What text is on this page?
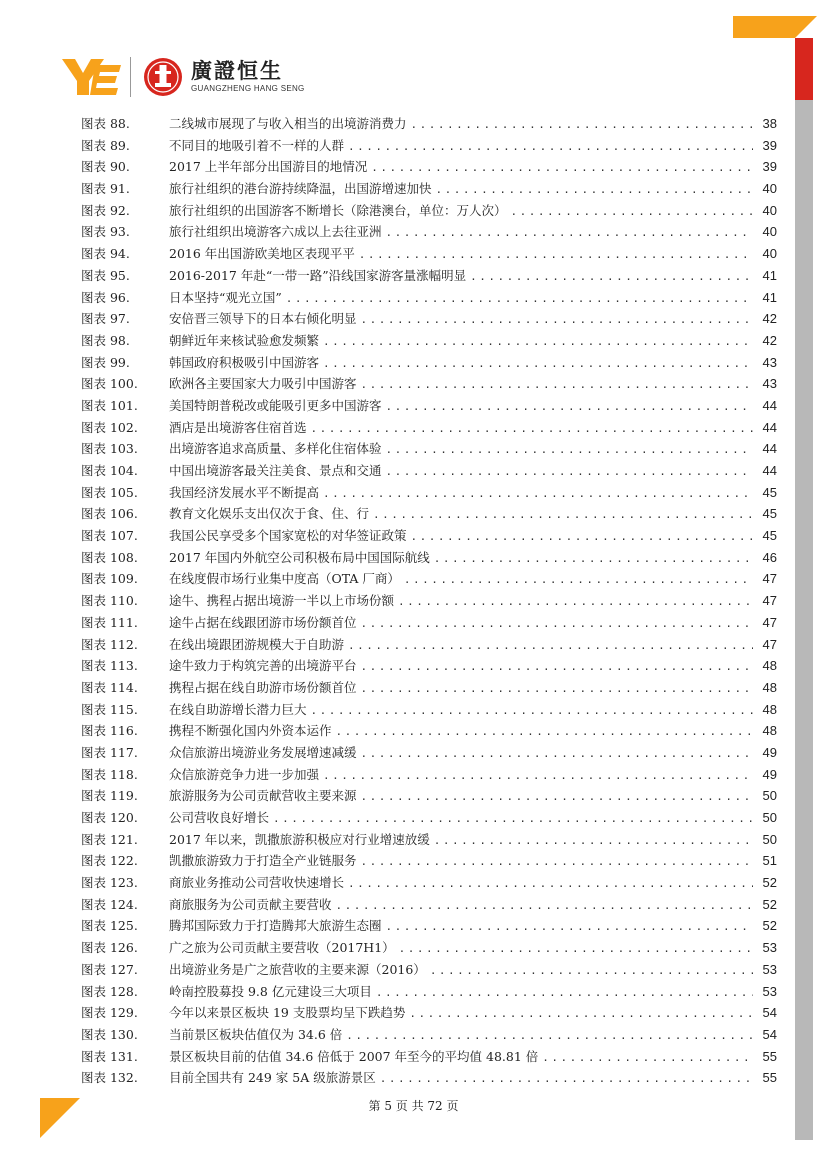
廣證恒生
GUANGZHENG HANG SENG
图表 88.	二线城市展现了与收入相当的出境游消费力 .....	38
图表 89.	不同目的地吸引着不一样的人群 .....	39
图表 90.	2017 上半年部分出国游目的地情况 .....	39
图表 91.	旅行社组织的港台游持续降温，出国游增速加快 .....	40
图表 92.	旅行社组织的出国游客不断增长（除港澳台，单位：万人次） .....	40
图表 93.	旅行社组织出境游客六成以上去往亚洲 .....	40
图表 94.	2016 年出国游欧美地区表现平平 .....	40
图表 95.	2016-2017 年赴“一带一路”沿线国家游客量涨幅明显 .....	41
图表 96.	日本坚持“观光立国” .....	41
图表 97.	安倍晋三领导下的日本右倾化明显 .....	42
图表 98.	朝鲜近年来核试验愈发频繁 .....	42
图表 99.	韩国政府积极吸引中国游客 .....	43
图表 100.	欧洲各主要国家大力吸引中国游客 .....	43
图表 101.	美国特朗普税改或能吸引更多中国游客 .....	44
图表 102.	酒店是出境游客住宿首选 .....	44
图表 103.	出境游客追求高质量、多样化住宿体验 .....	44
图表 104.	中国出境游客最关注美食、景点和交通 .....	44
图表 105.	我国经济发展水平不断提高 .....	45
图表 106.	教育文化娱乐支出仅次于食、住、行 .....	45
图表 107.	我国公民享受多个国家宽松的对华签证政策 .....	45
图表 108.	2017 年国内外航空公司积极布局中国国际航线 .....	46
图表 109.	在线度假市场行业集中度高（OTA 厂商） .....	47
图表 110.	途牛、携程占据出境游一半以上市场份额 .....	47
图表 111.	途牛占据在线跟团游市场份额首位 .....	47
图表 112.	在线出境跟团游规模大于自助游 .....	47
图表 113.	途牛致力于构筑完善的出境游平台 .....	48
图表 114.	携程占据在线自助游市场份额首位 .....	48
图表 115.	在线自助游增长潜力巨大 .....	48
图表 116.	携程不断强化国内外资本运作 .....	48
图表 117.	众信旅游出境游业务发展增速减缓 .....	49
图表 118.	众信旅游竞争力进一步加强 .....	49
图表 119.	旅游服务为公司贡献营收主要来源 .....	50
图表 120.	公司营收良好增长 .....	50
图表 121.	2017 年以来，凯撒旅游积极应对行业增速放缓 .....	50
图表 122.	凯撒旅游致力于打造全产业链服务 .....	51
图表 123.	商旅业务推动公司营收快速增长 .....	52
图表 124.	商旅服务为公司贡献主要营收 .....	52
图表 125.	腾邦国际致力于打造腾邦大旅游生态圈 .....	52
图表 126.	广之旅为公司贡献主要营收（2017H1） .....	53
图表 127.	出境游业务是广之旅营收的主要来源（2016） .....	53
图表 128.	岭南控股募投 9.8 亿元建设三大项目 .....	53
图表 129.	今年以来景区板块 19 支股票均呈下跌趋势 .....	54
图表 130.	当前景区板块估值仅为 34.6 倍 .....	54
图表 131.	景区板块目前的估值 34.6 倍低于 2007 年至今的平均值 48.81 倍 .....	55
图表 132.	目前全国共有 249 家 5A 级旅游景区 .....	55
第 5 页 共 72 页
